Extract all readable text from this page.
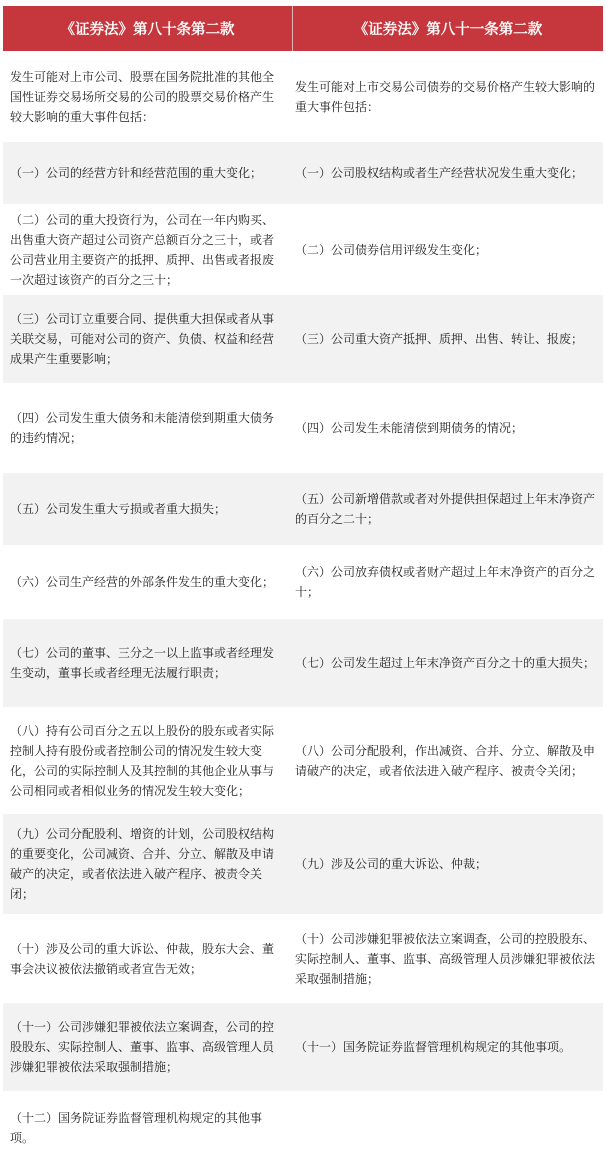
《证券法》第八十条第二款	《证券法》第八十一条第二款
发生可能对上市公司、股票在国务院批准的其他全国性证券交易场所交易的公司的股票交易价格产生较大影响的重大事件包括：
发生可能对上市交易公司债券的交易价格产生较大影响的重大事件包括：
（一）公司的经营方针和经营范围的重大变化；	（一）公司股权结构或者生产经营状况发生重大变化；
（二）公司的重大投资行为，公司在一年内购买、出售重大资产超过公司资产总额百分之三十，或者公司营业用主要资产的抵押、质押、出售或者报废一次超过该资产的百分之三十；
（二）公司债券信用评级发生变化；
（三）公司订立重要合同、提供重大担保或者从事关联交易，可能对公司的资产、负债、权益和经营成果产生重要影响；
（三）公司重大资产抵押、质押、出售、转让、报废；
（四）公司发生重大债务和未能清偿到期重大债务的违约情况；
（四）公司发生未能清偿到期债务的情况；
（五）公司发生重大亏损或者重大损失；
（五）公司新增借款或者对外提供担保超过上年末净资产的百分之二十；
（六）公司生产经营的外部条件发生的重大变化；
（六）公司放弃债权或者财产超过上年末净资产的百分之十；
（七）公司的董事、三分之一以上监事或者经理发生变动，董事长或者经理无法履行职责；
（七）公司发生超过上年末净资产百分之十的重大损失；
（八）持有公司百分之五以上股份的股东或者实际控制人持有股份或者控制公司的情况发生较大变化，公司的实际控制人及其控制的其他企业从事与公司相同或者相似业务的情况发生较大变化；
（八）公司分配股利，作出减资、合并、分立、解散及申请破产的决定，或者依法进入破产程序、被责令关闭；
（九）公司分配股利、增资的计划，公司股权结构的重要变化，公司减资、合并、分立、解散及申请破产的决定，或者依法进入破产程序、被责令关闭；
（九）涉及公司的重大诉讼、仲裁；
（十）涉及公司的重大诉讼、仲裁，股东大会、董事会决议被依法撤销或者宣告无效；
（十）公司涉嫌犯罪被依法立案调查，公司的控股股东、实际控制人、董事、监事、高级管理人员涉嫌犯罪被依法采取强制措施；
（十一）公司涉嫌犯罪被依法立案调查，公司的控股股东、实际控制人、董事、监事、高级管理人员涉嫌犯罪被依法采取强制措施；
（十一）国务院证券监督管理机构规定的其他事项。
（十二）国务院证券监督管理机构规定的其他事项。
